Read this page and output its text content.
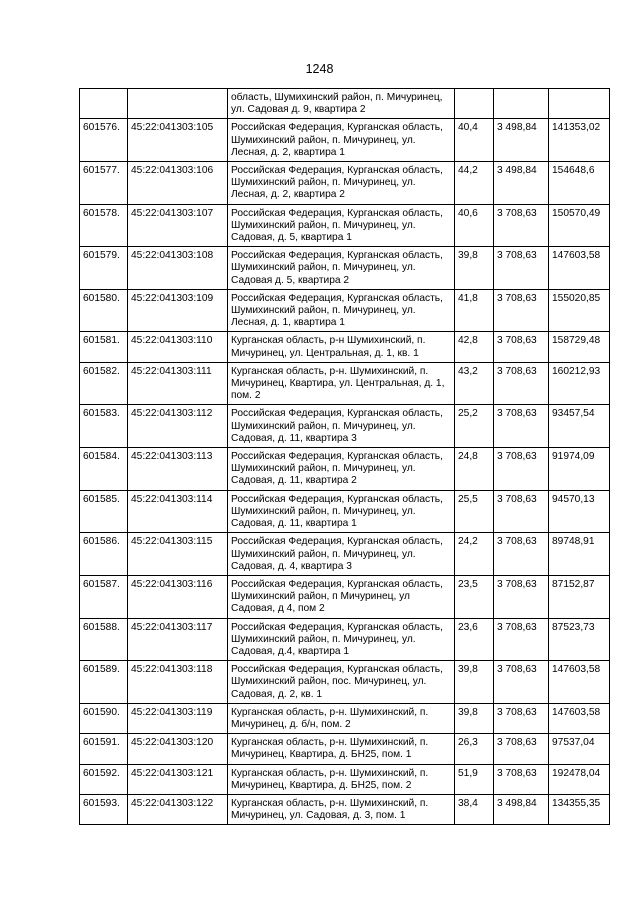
1248
		область, Шумихинский район, п. Мичуринец, ул. Садовая д. 9, квартира 2			
601576.	45:22:041303:105	Российская Федерация, Курганская область, Шумихинский район, п. Мичуринец, ул. Лесная, д. 2, квартира 1	40,4	3 498,84	141353,02
601577.	45:22:041303:106	Российская Федерация, Курганская область, Шумихинский район, п. Мичуринец, ул. Лесная, д. 2, квартира 2	44,2	3 498,84	154648,6
601578.	45:22:041303:107	Российская Федерация, Курганская область, Шумихинский район, п. Мичуринец, ул. Садовая, д. 5, квартира 1	40,6	3 708,63	150570,49
601579.	45:22:041303:108	Российская Федерация, Курганская область, Шумихинский район, п. Мичуринец, ул. Садовая д. 5, квартира 2	39,8	3 708,63	147603,58
601580.	45:22:041303:109	Российская Федерация, Курганская область, Шумихинский район, п. Мичуринец, ул. Лесная, д. 1, квартира 1	41,8	3 708,63	155020,85
601581.	45:22:041303:110	Курганская область, р-н Шумихинский, п. Мичуринец, ул. Центральная, д. 1, кв. 1	42,8	3 708,63	158729,48
601582.	45:22:041303:111	Курганская область, р-н. Шумихинский, п. Мичуринец, Квартира, ул. Центральная, д. 1, пом. 2	43,2	3 708,63	160212,93
601583.	45:22:041303:112	Российская Федерация, Курганская область, Шумихинский район, п. Мичуринец, ул. Садовая, д. 11, квартира 3	25,2	3 708,63	93457,54
601584.	45:22:041303:113	Российская Федерация, Курганская область, Шумихинский район, п. Мичуринец, ул. Садовая, д. 11, квартира 2	24,8	3 708,63	91974,09
601585.	45:22:041303:114	Российская Федерация, Курганская область, Шумихинский район, п. Мичуринец, ул. Садовая, д. 11, квартира 1	25,5	3 708,63	94570,13
601586.	45:22:041303:115	Российская Федерация, Курганская область, Шумихинский район, п. Мичуринец, ул. Садовая, д. 4, квартира 3	24,2	3 708,63	89748,91
601587.	45:22:041303:116	Российская Федерация, Курганская область, Шумихинский район, п Мичуринец, ул Садовая, д 4, пом 2	23,5	3 708,63	87152,87
601588.	45:22:041303:117	Российская Федерация, Курганская область, Шумихинский район, п. Мичуринец, ул. Садовая, д.4, квартира 1	23,6	3 708,63	87523,73
601589.	45:22:041303:118	Российская Федерация, Курганская область, Шумихинский район, пос. Мичуринец, ул. Садовая, д. 2, кв. 1	39,8	3 708,63	147603,58
601590.	45:22:041303:119	Курганская область, р-н. Шумихинский, п. Мичуринец, д. б/н, пом. 2	39,8	3 708,63	147603,58
601591.	45:22:041303:120	Курганская область, р-н. Шумихинский, п. Мичуринец, Квартира, д. БН25, пом. 1	26,3	3 708,63	97537,04
601592.	45:22:041303:121	Курганская область, р-н. Шумихинский, п. Мичуринец, Квартира, д. БН25, пом. 2	51,9	3 708,63	192478,04
601593.	45:22:041303:122	Курганская область, р-н. Шумихинский, п. Мичуринец, ул. Садовая, д. 3, пом. 1	38,4	3 498,84	134355,35
